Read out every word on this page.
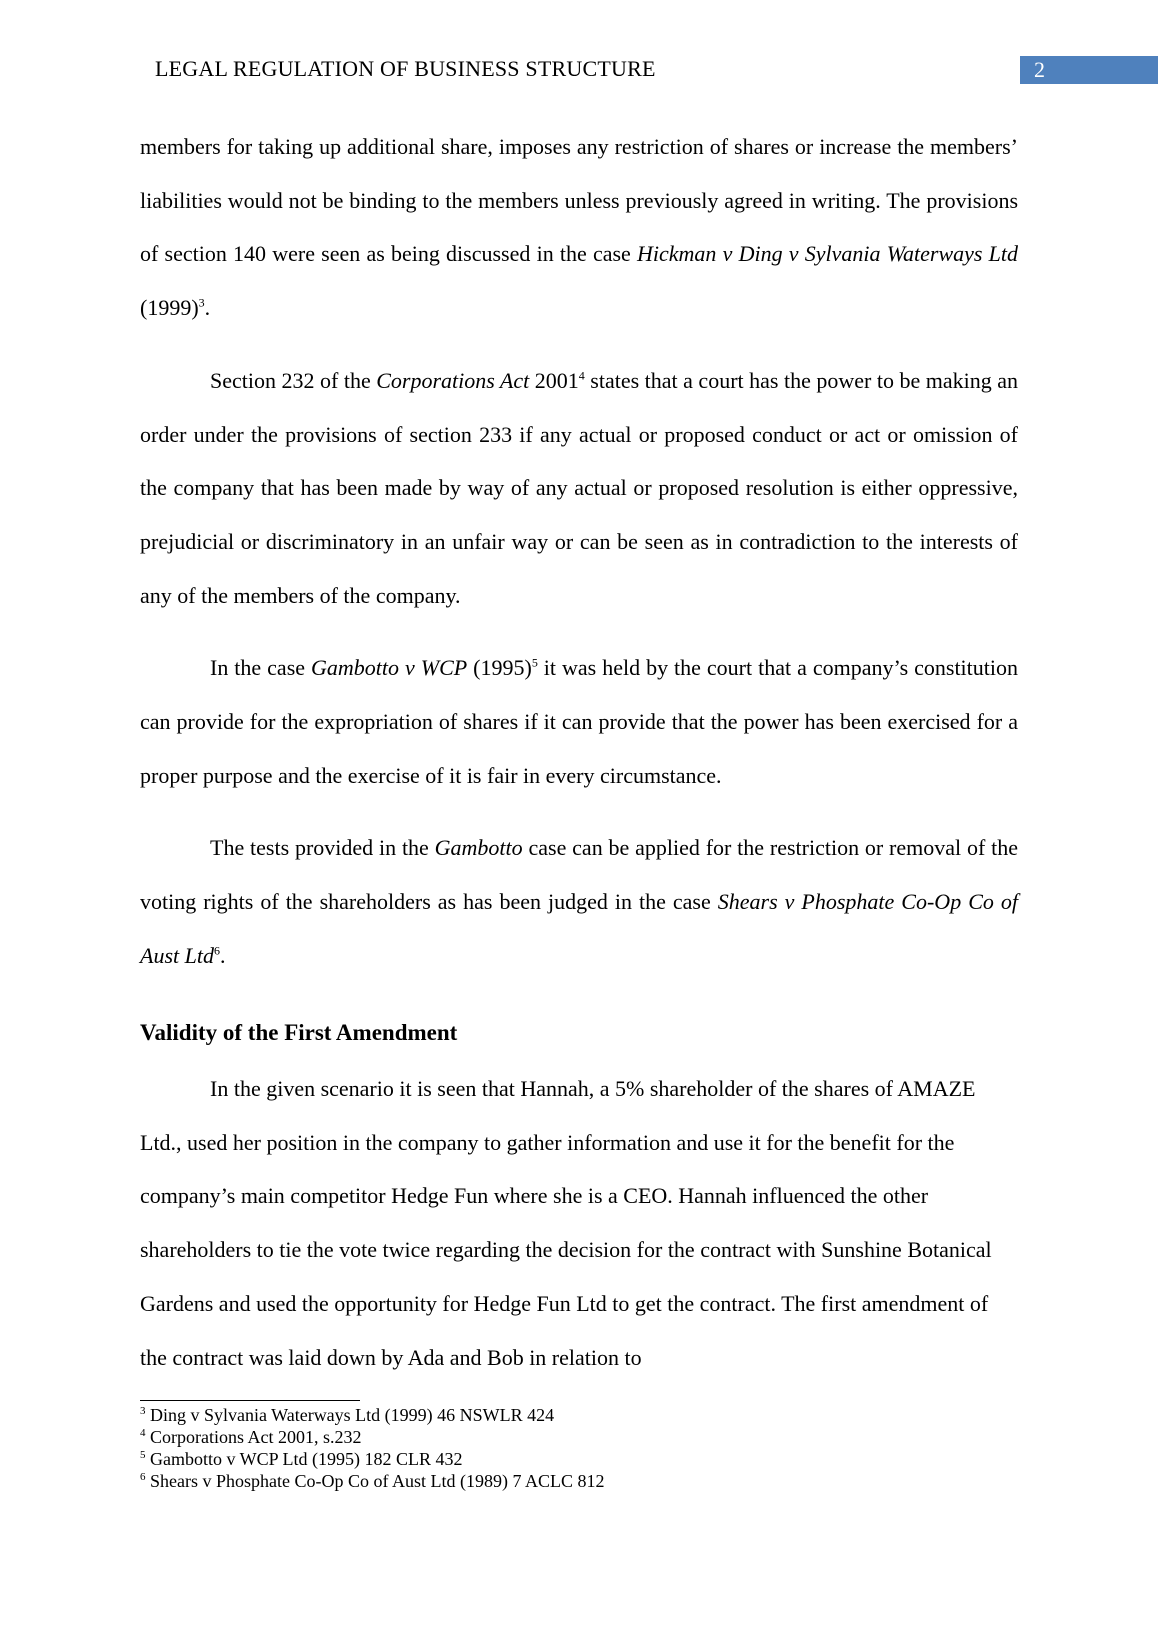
LEGAL REGULATION OF BUSINESS STRUCTURE	2

members for taking up additional share, imposes any restriction of shares or increase the members’ liabilities would not be binding to the members unless previously agreed in writing. The provisions of section 140 were seen as being discussed in the case Hickman v Ding v Sylvania Waterways Ltd $(1999)^3$.

Section 232 of the Corporations Act 2001$^4$ states that a court has the power to be making an order under the provisions of section 233 if any actual or proposed conduct or act or omission of the company that has been made by way of any actual or proposed resolution is either oppressive, prejudicial or discriminatory in an unfair way or can be seen as in contradiction to the interests of any of the members of the company.

In the case Gambotto v WCP $(1995)^5$ it was held by the court that a company’s constitution can provide for the expropriation of shares if it can provide that the power has been exercised for a proper purpose and the exercise of it is fair in every circumstance.

The tests provided in the Gambotto case can be applied for the restriction or removal of the voting rights of the shareholders as has been judged in the case Shears v Phosphate Co-Op Co of Aust Ltd$^6$.

Validity of the First Amendment

In the given scenario it is seen that Hannah, a 5% shareholder of the shares of AMAZE Ltd., used her position in the company to gather information and use it for the benefit for the company’s main competitor Hedge Fun where she is a CEO. Hannah influenced the other shareholders to tie the vote twice regarding the decision for the contract with Sunshine Botanical Gardens and used the opportunity for Hedge Fun Ltd to get the contract. The first amendment of the contract was laid down by Ada and Bob in relation to

$^3$ Ding v Sylvania Waterways Ltd (1999) 46 NSWLR 424
$^4$ Corporations Act 2001, s.232
$^5$ Gambotto v WCP Ltd (1995) 182 CLR 432
$^6$ Shears v Phosphate Co-Op Co of Aust Ltd (1989) 7 ACLC 812
